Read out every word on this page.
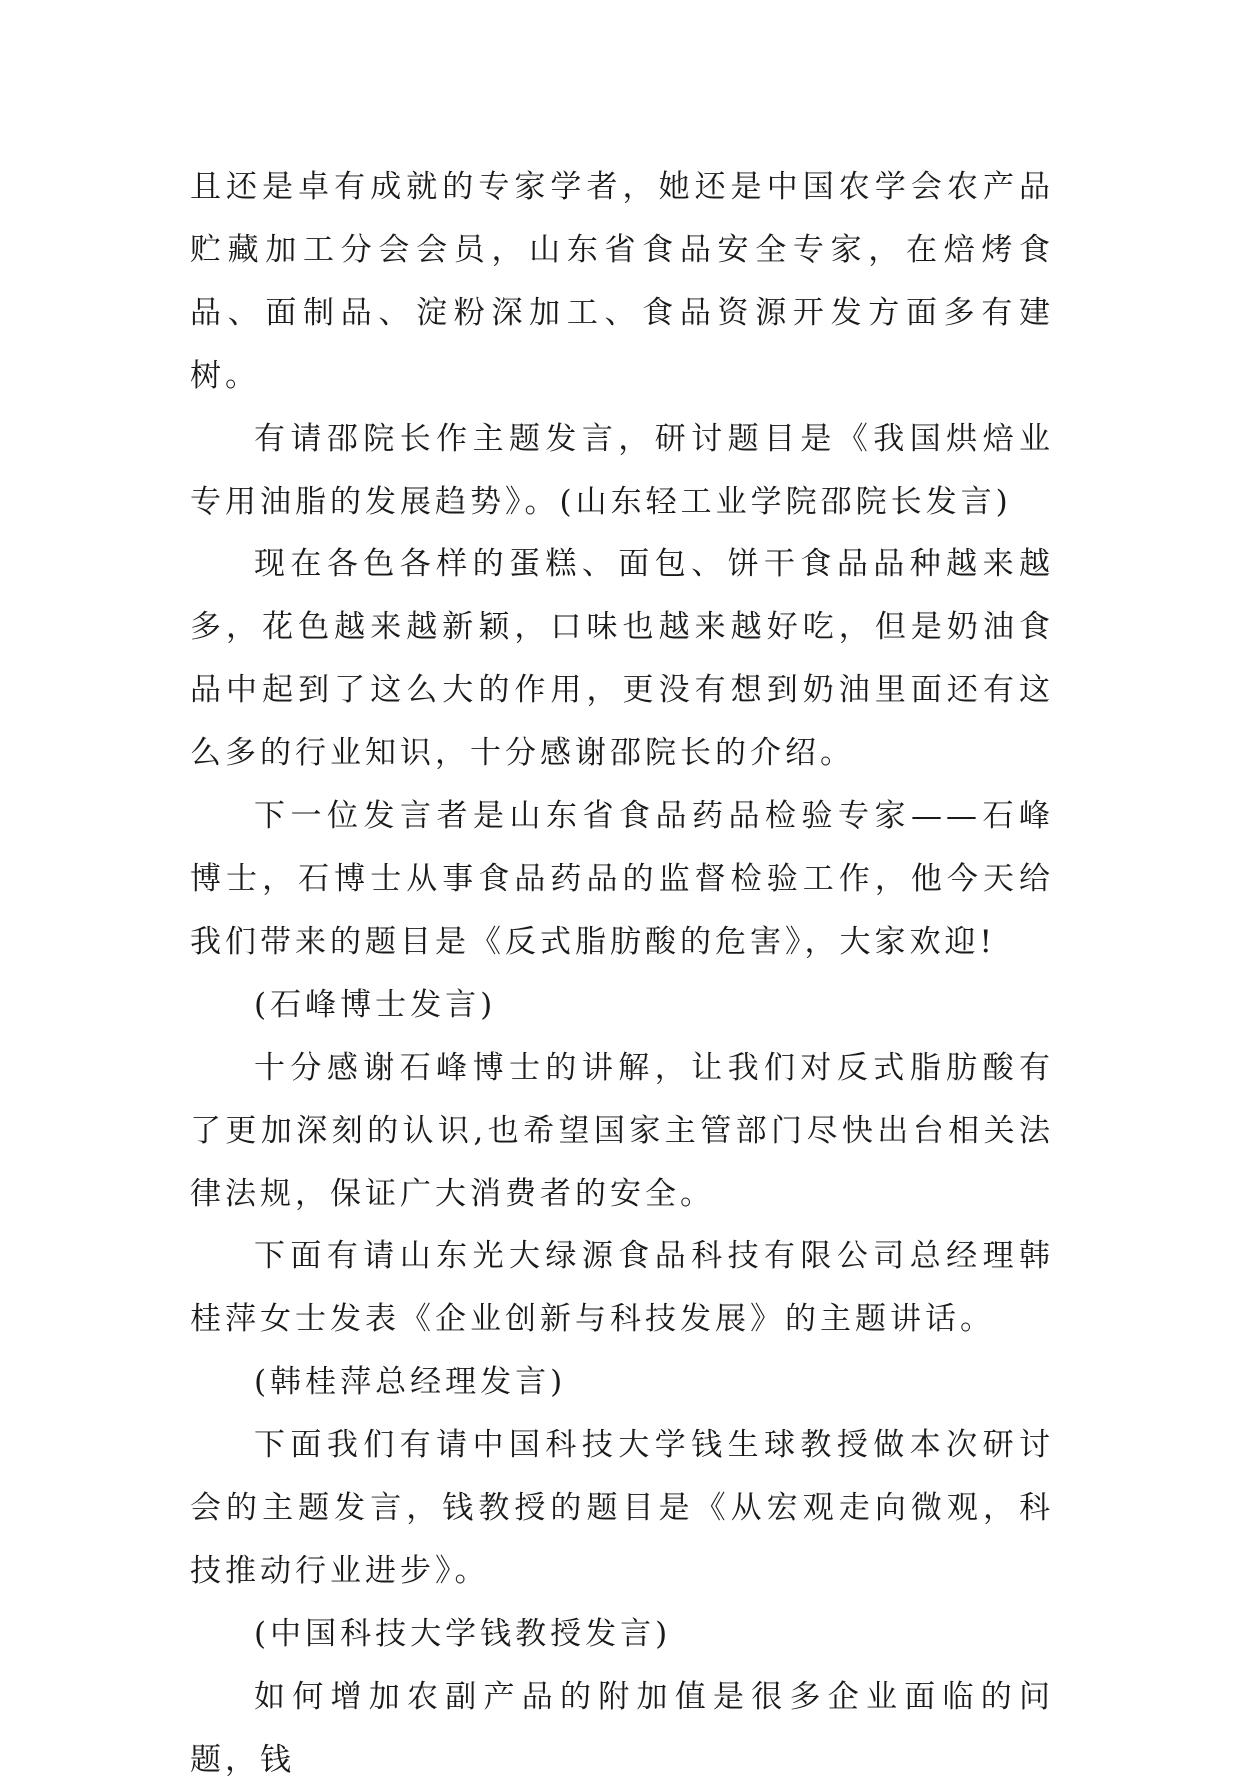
且还是卓有成就的专家学者，她还是中国农学会农产品贮藏加工分会会员，山东省食品安全专家，在焙烤食品、面制品、淀粉深加工、食品资源开发方面多有建树。

有请邵院长作主题发言，研讨题目是《我国烘焙业专用油脂的发展趋势》。(山东轻工业学院邵院长发言)

现在各色各样的蛋糕、面包、饼干食品品种越来越多，花色越来越新颖，口味也越来越好吃，但是奶油食品中起到了这么大的作用，更没有想到奶油里面还有这么多的行业知识，十分感谢邵院长的介绍。

下一位发言者是山东省食品药品检验专家——石峰博士，石博士从事食品药品的监督检验工作，他今天给我们带来的题目是《反式脂肪酸的危害》，大家欢迎!

(石峰博士发言)

十分感谢石峰博士的讲解，让我们对反式脂肪酸有了更加深刻的认识,也希望国家主管部门尽快出台相关法律法规，保证广大消费者的安全。

下面有请山东光大绿源食品科技有限公司总经理韩桂萍女士发表《企业创新与科技发展》的主题讲话。

(韩桂萍总经理发言)

下面我们有请中国科技大学钱生球教授做本次研讨会的主题发言，钱教授的题目是《从宏观走向微观，科技推动行业进步》。

(中国科技大学钱教授发言)

如何增加农副产品的附加值是很多企业面临的问题，钱
